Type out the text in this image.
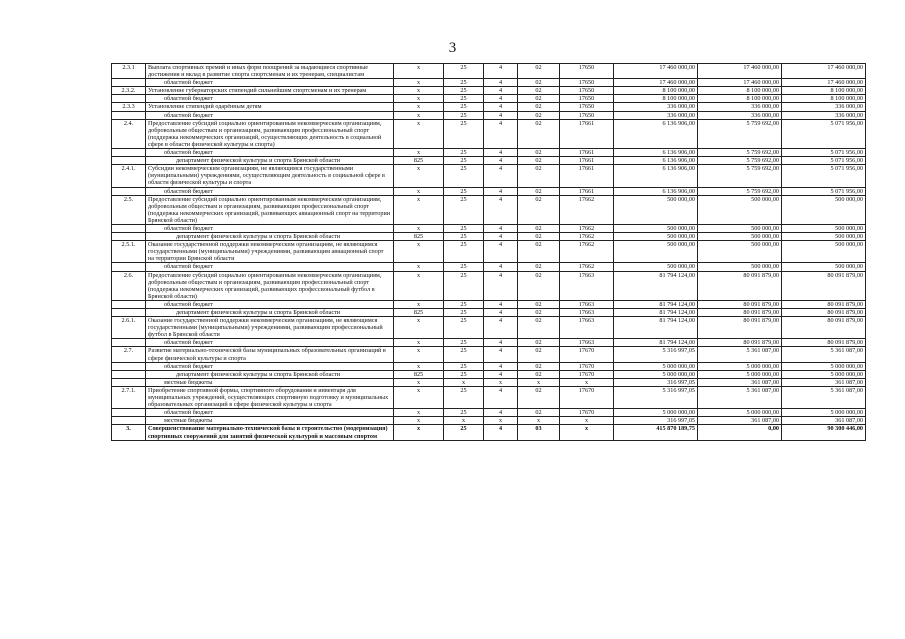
3
2.3.1	Выплата спортивных премий и иных форм поощрений за выдающиеся спортивные достижения и вклад в развитие спорта спортсменам и их тренерам, специалистам	х	25	4	02	17650	17 460 000,00	17 460 000,00	17 460 000,00
	областной бюджет	х	25	4	02	17650	17 460 000,00	17 460 000,00	17 460 000,00
2.3.2.	Установление губернаторских стипендий сильнейшим спортсменам и их тренерам	х	25	4	02	17650	8 100 000,00	8 100 000,00	8 100 000,00
	областной бюджет	х	25	4	02	17650	8 100 000,00	8 100 000,00	8 100 000,00
2.3.3	Установление стипендий одарённым детям	х	25	4	02	17650	336 000,00	336 000,00	336 000,00
	областной бюджет	х	25	4	02	17650	336 000,00	336 000,00	336 000,00
2.4.	Предоставление субсидий социально ориентированным некоммерческим организациям, добровольным обществам и организациям, развивающим профессиональный спорт (поддержка некоммерческих организаций, осуществляющих деятельность в социальной сфере в области физической культуры и спорта)	х	25	4	02	17661	6 136 906,00	5 759 692,00	5 071 956,00
	областной бюджет	х	25	4	02	17661	6 136 906,00	5 759 692,00	5 071 956,00
	департамент физической культуры и спорта Брянской области	825	25	4	02	17661	6 136 906,00	5 759 692,00	5 071 956,00
2.4.1.	Субсидии некоммерческим организациям, не являющимся государственными (муниципальными) учреждениями, осуществляющим деятельность в социальной сфере в области физической культуры и спорта	х	25	4	02	17661	6 136 906,00	5 759 692,00	5 071 956,00
	областной бюджет	х	25	4	02	17661	6 136 906,00	5 759 692,00	5 071 956,00
2.5.	Предоставление субсидий социально ориентированным некоммерческим организациям, добровольным обществам и организациям, развивающим профессиональный спорт (поддержка некоммерческих организаций, развивающих авиационный спорт на территории Брянской области)	х	25	4	02	17662	500 000,00	500 000,00	500 000,00
	областной бюджет	х	25	4	02	17662	500 000,00	500 000,00	500 000,00
	департамент физической культуры и спорта Брянской области	825	25	4	02	17662	500 000,00	500 000,00	500 000,00
2.5.1.	Оказание государственной поддержки некоммерческим организациям, не являющимся государственными (муниципальными) учреждениями, развивающим авиационный спорт на территории Брянской области	х	25	4	02	17662	500 000,00	500 000,00	500 000,00
	областной бюджет	х	25	4	02	17662	500 000,00	500 000,00	500 000,00
2.6.	Предоставление субсидий социально ориентированным некоммерческим организациям, добровольным обществам и организациям, развивающим профессиональный спорт (поддержка некоммерческих организаций, развивающих профессиональный футбол в Брянской области)	х	25	4	02	17663	81 794 124,00	80 091 879,00	80 091 879,00
	областной бюджет	х	25	4	02	17663	81 794 124,00	80 091 879,00	80 091 879,00
	департамент физической культуры и спорта Брянской области	825	25	4	02	17663	81 794 124,00	80 091 879,00	80 091 879,00
2.6.1.	Оказание государственной поддержки некоммерческим организациям, не являющимся государственными (муниципальными) учреждениями, развивающим профессиональный футбол в Брянской области	х	25	4	02	17663	81 794 124,00	80 091 879,00	80 091 879,00
	областной бюджет	х	25	4	02	17663	81 794 124,00	80 091 879,00	80 091 879,00
2.7.	Развитие материально-технической базы муниципальных образовательных организаций в сфере физической культуры и спорта	х	25	4	02	17670	5 316 997,05	5 361 087,00	5 361 087,00
	областной бюджет	х	25	4	02	17670	5 000 000,00	5 000 000,00	5 000 000,00
	департамент физической культуры и спорта Брянской области	825	25	4	02	17670	5 000 000,00	5 000 000,00	5 000 000,00
	местные бюджеты	х	х	х	х	х	316 997,05	361 087,00	361 087,00
2.7.1.	Приобретение спортивной формы, спортивного оборудования и инвентаря для муниципальных учреждений, осуществляющих спортивную подготовку и муниципальных образовательных организаций в сфере физической культуры и спорта	х	25	4	02	17670	5 316 997,05	5 361 087,00	5 361 087,00
	областной бюджет	х	25	4	02	17670	5 000 000,00	5 000 000,00	5 000 000,00
	местные бюджеты	х	х	х	х	х	316 997,05	361 087,00	361 087,00
3.	Совершенствование материально-технической базы и строительство (модернизация) спортивных сооружений для занятий физической культурой и массовым спортом	х	25	4	03	х	415 870 189,75	0,00	90 300 446,00
